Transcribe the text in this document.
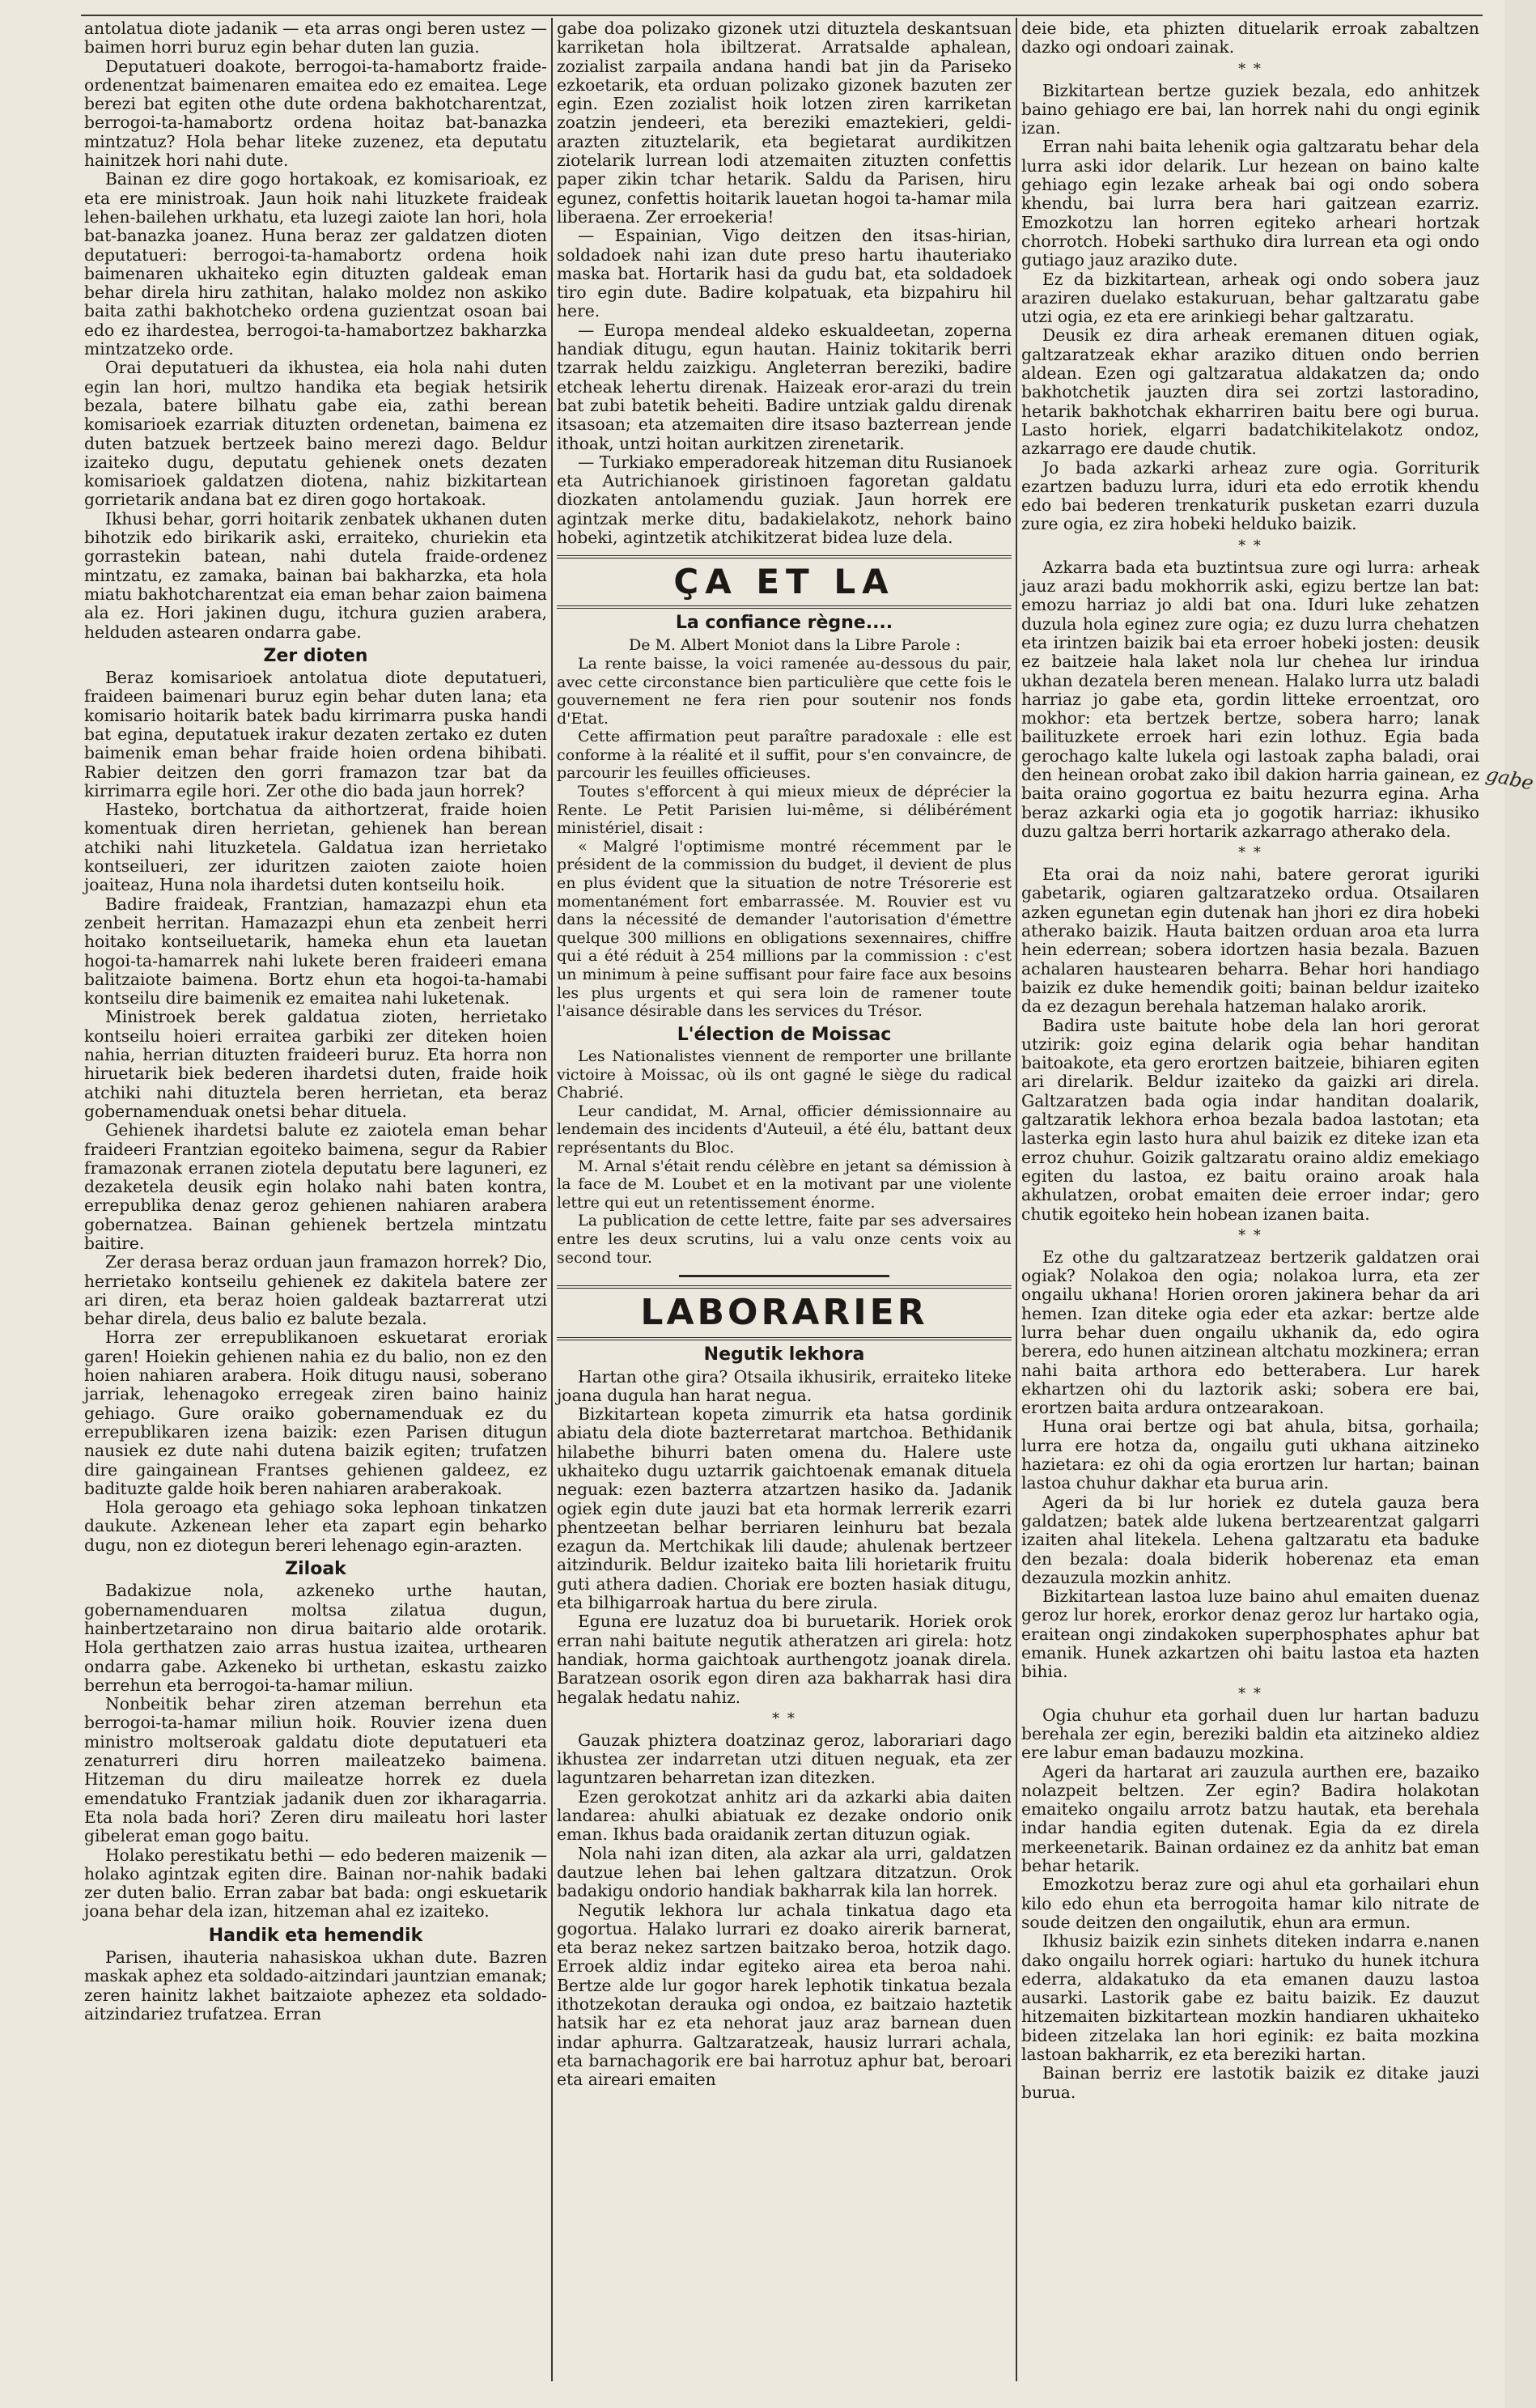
antolatua diote jadanik — eta arras ongi beren ustez — baimen horri buruz egin behar duten lan guzia.

Deputatueri doakote, berrogoi-ta-hamabortz fraide-ordenentzat baimenaren emaitea edo ez emaitea. Lege berezi bat egiten othe dute ordena bakhotcharentzat, berrogoi-ta-hamabortz ordena hoitaz bat-banazka mintzatuz? Hola behar liteke zuzenez, eta deputatu hainitzek hori nahi dute.

Bainan ez dire gogo hortakoak, ez komisarioak, ez eta ere ministroak. Jaun hoik nahi lituzkete fraideak lehen-bailehen urkhatu, eta luzegi zaiote lan hori, hola bat-banazka joanez. Huna beraz zer galdatzen dioten deputatueri: berrogoi-ta-hamabortz ordena hoik baimenaren ukhaiteko egin dituzten galdeak eman behar direla hiru zathitan, halako moldez non askiko baita zathi bakhotcheko ordena guzientzat osoan bai edo ez ihardestea, berrogoi-ta-hamabortzez bakharzka mintzatzeko orde.

Orai deputatueri da ikhustea, eia hola nahi duten egin lan hori, multzo handika eta begiak hetsirik bezala, batere bilhatu gabe eia, zathi berean komisarioek ezarriak dituzten ordenetan, baimena ez duten batzuek bertzeek baino merezi dago. Beldur izaiteko dugu, deputatu gehienek onets dezaten komisarioek galdatzen diotena, nahiz bizkitartean gorrietarik andana bat ez diren gogo hortakoak.

Ikhusi behar, gorri hoitarik zenbatek ukhanen duten bihotzik edo birikarik aski, erraiteko, churiekin eta gorrastekin batean, nahi dutela fraide-ordenez mintzatu, ez zamaka, bainan bai bakharzka, eta hola miatu bakhotcharentzat eia eman behar zaion baimena ala ez. Hori jakinen dugu, itchura guzien arabera, helduden astearen ondarra gabe.

Zer dioten

Beraz komisarioek antolatua diote deputatueri, fraideen baimenari buruz egin behar duten lana; eta komisario hoitarik batek badu kirrimarra puska handi bat egina, deputatuek irakur dezaten zertako ez duten baimenik eman behar fraide hoien ordena bihibati. Rabier deitzen den gorri framazon tzar bat da kirrimarra egile hori. Zer othe dio bada jaun horrek?

Hasteko, bortchatua da aithortzerat, fraide hoien komentuak diren herrietan, gehienek han berean atchiki nahi lituzketela. Galdatua izan herrietako kontseilueri, zer iduritzen zaioten zaiote hoien joaiteaz, Huna nola ihardetsi duten kontseilu hoik.

Badire fraideak, Frantzian, hamazazpi ehun eta zenbeit herritan. Hamazazpi ehun eta zenbeit herri hoitako kontseiluetarik, hameka ehun eta lauetan hogoi-ta-hamarrek nahi lukete beren fraideeri emana balitzaiote baimena. Bortz ehun eta hogoi-ta-hamabi kontseilu dire baimenik ez emaitea nahi luketenak.

Ministroek berek galdatua zioten, herrietako kontseilu hoieri erraitea garbiki zer diteken hoien nahia, herrian dituzten fraideeri buruz. Eta horra non hiruetarik biek bederen ihardetsi duten, fraide hoik atchiki nahi dituztela beren herrietan, eta beraz gobernamenduak onetsi behar dituela.

Gehienek ihardetsi balute ez zaiotela eman behar fraideeri Frantzian egoiteko baimena, segur da Rabier framazonak erranen ziotela deputatu bere laguneri, ez dezaketela deusik egin holako nahi baten kontra, errepublika denaz geroz gehienen nahiaren arabera gobernatzea. Bainan gehienek bertzela mintzatu baitire.

Zer derasa beraz orduan jaun framazon horrek? Dio, herrietako kontseilu gehienek ez dakitela batere zer ari diren, eta beraz hoien galdeak baztarrerat utzi behar direla, deus balio ez balute bezala.

Horra zer errepublikanoen eskuetarat eroriak garen! Hoiekin gehienen nahia ez du balio, non ez den hoien nahiaren arabera. Hoik ditugu nausi, soberano jarriak, lehenagoko erregeak ziren baino hainiz gehiago. Gure oraiko gobernamenduak ez du errepublikaren izena baizik: ezen Parisen ditugun nausiek ez dute nahi dutena baizik egiten; trufatzen dire gaingainean Frantses gehienen galdeez, ez badituzte galde hoik beren nahiaren araberakoak.

Hola geroago eta gehiago soka lephoan tinkatzen daukute. Azkenean leher eta zapart egin beharko dugu, non ez diotegun bereri lehenago egin-arazten.

Ziloak

Badakizue nola, azkeneko urthe hautan, gobernamenduaren moltsa zilatua dugun, hainbertzetaraino non dirua baitario alde orotarik. Hola gerthatzen zaio arras hustua izaitea, urthearen ondarra gabe. Azkeneko bi urthetan, eskastu zaizko berrehun eta berrogoi-ta-hamar miliun.

Nonbeitik behar ziren atzeman berrehun eta berrogoi-ta-hamar miliun hoik. Rouvier izena duen ministro moltseroak galdatu diote deputatueri eta zenaturreri diru horren maileatzeko baimena. Hitzeman du diru maileatze horrek ez duela emendatuko Frantziak jadanik duen zor ikharagarria. Eta nola bada hori? Zeren diru maileatu hori laster gibelerat eman gogo baitu.

Holako perestikatu bethi — edo bederen maizenik — holako agintzak egiten dire. Bainan nor-nahik badaki zer duten balio. Erran zabar bat bada: ongi eskuetarik joana behar dela izan, hitzeman ahal ez izaiteko.

Handik eta hemendik

Parisen, ihauteria nahasiskoa ukhan dute. Bazren maskak aphez eta soldado-aitzindari jauntzian emanak; zeren hainitz lakhet baitzaiote aphezez eta soldado-aitzindariez trufatzea. Erran

gabe doa polizako gizonek utzi dituztela deskantsuan karriketan hola ibiltzerat. Arratsalde aphalean, zozialist zarpaila andana handi bat jin da Pariseko ezkoetarik, eta orduan polizako gizonek bazuten zer egin. Ezen zozialist hoik lotzen ziren karriketan zoatzin jendeeri, eta bereziki emaztekieri, geldi-arazten zituztelarik, eta begietarat aurdikitzen ziotelarik lurrean lodi atzemaiten zituzten confettis paper zikin tchar hetarik. Saldu da Parisen, hiru egunez, confettis hoitarik lauetan hogoi ta-hamar mila liberaena. Zer erroekeria!

— Espainian, Vigo deitzen den itsas-hirian, soldadoek nahi izan dute preso hartu ihauteriako maska bat. Hortarik hasi da gudu bat, eta soldadoek tiro egin dute. Badire kolpatuak, eta bizpahiru hil here.

— Europa mendeal aldeko eskualdeetan, zoperna handiak ditugu, egun hautan. Hainiz tokitarik berri tzarrak heldu zaizkigu. Angleterran bereziki, badire etcheak lehertu direnak. Haizeak eror-arazi du trein bat zubi batetik beheiti. Badire untziak galdu direnak itsasoan; eta atzemaiten dire itsaso bazterrean jende ithoak, untzi hoitan aurkitzen zirenetarik.

— Turkiako emperadoreak hitzeman ditu Rusianoek eta Autrichianoek giristinoen fagoretan galdatu diozkaten antolamendu guziak. Jaun horrek ere agintzak merke ditu, badakielakotz, nehork baino hobeki, agintzetik atchikitzerat bidea luze dela.

ÇA ET LA
La confiance règne....

De M. Albert Moniot dans la Libre Parole :

La rente baisse, la voici ramenée au-dessous du pair, avec cette circonstance bien particulière que cette fois le gouvernement ne fera rien pour soutenir nos fonds d'Etat.

Cette affirmation peut paraître paradoxale : elle est conforme à la réalité et il suffit, pour s'en convaincre, de parcourir les feuilles officieuses.

Toutes s'efforcent à qui mieux mieux de déprécier la Rente. Le Petit Parisien lui-même, si délibérément ministériel, disait :

« Malgré l'optimisme montré récemment par le président de la commission du budget, il devient de plus en plus évident que la situation de notre Trésorerie est momentanément fort embarrassée. M. Rouvier est vu dans la nécessité de demander l'autorisation d'émettre quelque 300 millions en obligations sexennaires, chiffre qui a été réduit à 254 millions par la commission : c'est un minimum à peine suffisant pour faire face aux besoins les plus urgents et qui sera loin de ramener toute l'aisance désirable dans les services du Trésor.

L'élection de Moissac

Les Nationalistes viennent de remporter une brillante victoire à Moissac, où ils ont gagné le siège du radical Chabrié.

Leur candidat, M. Arnal, officier démissionnaire au lendemain des incidents d'Auteuil, a été élu, battant deux représentants du Bloc.

M. Arnal s'était rendu célèbre en jetant sa démission à la face de M. Loubet et en la motivant par une violente lettre qui eut un retentissement énorme.

La publication de cette lettre, faite par ses adversaires entre les deux scrutins, lui a valu onze cents voix au second tour.

LABORARIER
Negutik lekhora

Hartan othe gira? Otsaila ikhusirik, erraiteko liteke joana dugula han harat negua.

Bizkitartean kopeta zimurrik eta hatsa gordinik abiatu dela diote bazterretarat martchoa. Bethidanik hilabethe bihurri baten omena du. Halere uste ukhaiteko dugu uztarrik gaichtoenak emanak dituela neguak: ezen bazterra atzartzen hasiko da. Jadanik ogiek egin dute jauzi bat eta hormak lerrerik ezarri phentzeetan belhar berriaren leinhuru bat bezala ezagun da. Mertchikak lili daude; ahulenak bertzeer aitzindurik. Beldur izaiteko baita lili horietarik fruitu guti athera dadien. Choriak ere bozten hasiak ditugu, eta bilhigarroak hartua du bere zirula.

Eguna ere luzatuz doa bi buruetarik. Horiek orok erran nahi baitute negutik atheratzen ari girela: hotz handiak, horma gaichtoak aurthengotz joanak direla. Baratzean osorik egon diren aza bakharrak hasi dira hegalak hedatu nahiz.

* *

Gauzak phiztera doatzinaz geroz, laborariari dago ikhustea zer indarretan utzi dituen neguak, eta zer laguntzaren beharretan izan ditezken.

Ezen gerokotzat anhitz ari da azkarki abia daiten landarea: ahulki abiatuak ez dezake ondorio onik eman. Ikhus bada oraidanik zertan dituzun ogiak.

Nola nahi izan diten, ala azkar ala urri, galdatzen dautzue lehen bai lehen galtzara ditzatzun. Orok badakigu ondorio handiak bakharrak kila lan horrek.

Negutik lekhora lur achala tinkatua dago eta gogortua. Halako lurrari ez doako airerik barnerat, eta beraz nekez sartzen baitzako beroa, hotzik dago. Erroek aldiz indar egiteko airea eta beroa nahi. Bertze alde lur gogor harek lephotik tinkatua bezala ithotzekotan derauka ogi ondoa, ez baitzaio haztetik hatsik har ez eta nehorat jauz araz barnean duen indar aphurra. Galtzaratzeak, hausiz lurrari achala, eta barnachagorik ere bai harrotuz aphur bat, beroari eta aireari emaiten

deie bide, eta phizten dituelarik erroak zabaltzen dazko ogi ondoari zainak.

* *

Bizkitartean bertze guziek bezala, edo anhitzek baino gehiago ere bai, lan horrek nahi du ongi eginik izan.

Erran nahi baita lehenik ogia galtzaratu behar dela lurra aski idor delarik. Lur hezean on baino kalte gehiago egin lezake arheak bai ogi ondo sobera khendu, bai lurra bera hari gaitzean ezarriz. Emozkotzu lan horren egiteko arheari hortzak chorrotch. Hobeki sarthuko dira lurrean eta ogi ondo gutiago jauz araziko dute.

Ez da bizkitartean, arheak ogi ondo sobera jauz araziren duelako estakuruan, behar galtzaratu gabe utzi ogia, ez eta ere arinkiegi behar galtzaratu.

Deusik ez dira arheak eremanen dituen ogiak, galtzaratzeak ekhar araziko dituen ondo berrien aldean. Ezen ogi galtzaratua aldakatzen da; ondo bakhotchetik jauzten dira sei zortzi lastoradino, hetarik bakhotchak ekharriren baitu bere ogi burua. Lasto horiek, elgarri badatchikitelakotz ondoz, azkarrago ere daude chutik.

Jo bada azkarki arheaz zure ogia. Gorriturik ezartzen baduzu lurra, iduri eta edo errotik khendu edo bai bederen trenkaturik pusketan ezarri duzula zure ogia, ez zira hobeki helduko baizik.

* *

Azkarra bada eta buztintsua zure ogi lurra: arheak jauz arazi badu mokhorrik aski, egizu bertze lan bat: emozu harriaz jo aldi bat ona. Iduri luke zehatzen duzula hola eginez zure ogia; ez duzu lurra chehatzen eta irintzen baizik bai eta erroer hobeki josten: deusik ez baitzeie hala laket nola lur chehea lur irindua ukhan dezatela beren menean. Halako lurra utz baladi harriaz jo gabe eta, gordin litteke erroentzat, oro mokhor: eta bertzek bertze, sobera harro; lanak bailituzkete erroek hari ezin lothuz. Egia bada gerochago kalte lukela ogi lastoak zapha baladi, orai den heinean orobat zako ibil dakion harria gainean, ez baita oraino gogortua ez baitu hezurra egina. Arha beraz azkarki ogia eta jo gogotik harriaz: ikhusiko duzu galtza berri hortarik azkarrago atherako dela.

* *

Eta orai da noiz nahi, batere gerorat iguriki gabetarik, ogiaren galtzaratzeko ordua. Otsailaren azken egunetan egin dutenak han jhori ez dira hobeki atherako baizik. Hauta baitzen orduan aroa eta lurra hein ederrean; sobera idortzen hasia bezala. Bazuen achalaren haustearen beharra. Behar hori handiago baizik ez duke hemendik goiti; bainan beldur izaiteko da ez dezagun berehala hatzeman halako arorik.

Badira uste baitute hobe dela lan hori gerorat utzirik: goiz egina delarik ogia behar handitan baitoakote, eta gero erortzen baitzeie, bihiaren egiten ari direlarik. Beldur izaiteko da gaizki ari direla. Galtzaratzen bada ogia indar handitan doalarik, galtzaratik lekhora erhoa bezala badoa lastotan; eta lasterka egin lasto hura ahul baizik ez diteke izan eta erroz chuhur. Goizik galtzaratu oraino aldiz emekiago egiten du lastoa, ez baitu oraino aroak hala akhulatzen, orobat emaiten deie erroer indar; gero chutik egoiteko hein hobean izanen baita.

* *

Ez othe du galtzaratzeaz bertzerik galdatzen orai ogiak? Nolakoa den ogia; nolakoa lurra, eta zer ongailu ukhana! Horien ororen jakinera behar da ari hemen. Izan diteke ogia eder eta azkar: bertze alde lurra behar duen ongailu ukhanik da, edo ogira berera, edo hunen aitzinean altchatu mozkinera; erran nahi baita arthora edo betterabera. Lur harek ekhartzen ohi du laztorik aski; sobera ere bai, erortzen baita ardura ontzearakoan.

Huna orai bertze ogi bat ahula, bitsa, gorhaila; lurra ere hotza da, ongailu guti ukhana aitzineko hazietara: ez ohi da ogia erortzen lur hartan; bainan lastoa chuhur dakhar eta burua arin.

Ageri da bi lur horiek ez dutela gauza bera galdatzen; batek alde lukena bertzearentzat galgarri izaiten ahal litekela. Lehena galtzaratu eta baduke den bezala: doala biderik hoberenaz eta eman dezauzula mozkin anhitz.

Bizkitartean lastoa luze baino ahul emaiten duenaz geroz lur horek, erorkor denaz geroz lur hartako ogia, eraitean ongi zindakoken superphosphates aphur bat emanik. Hunek azkartzen ohi baitu lastoa eta hazten bihia.

* *

Ogia chuhur eta gorhail duen lur hartan baduzu berehala zer egin, bereziki baldin eta aitzineko aldiez ere labur eman badauzu mozkina.

Ageri da hartarat ari zauzula aurthen ere, bazaiko nolazpeit beltzen. Zer egin? Badira holakotan emaiteko ongailu arrotz batzu hautak, eta berehala indar handia egiten dutenak. Egia da ez direla merkeenetarik. Bainan ordainez ez da anhitz bat eman behar hetarik.

Emozkotzu beraz zure ogi ahul eta gorhailari ehun kilo edo ehun eta berrogoita hamar kilo nitrate de soude deitzen den ongailutik, ehun ara ermun.

Ikhusiz baizik ezin sinhets diteken indarra e.nanen dako ongailu horrek ogiari: hartuko du hunek itchura ederra, aldakatuko da eta emanen dauzu lastoa ausarki. Lastorik gabe ez baitu baizik. Ez dauzut hitzemaiten bizkitartean mozkin handiaren ukhaiteko bideen zitzelaka lan hori eginik: ez baita mozkina lastoan bakharrik, ez eta bereziki hartan.

Bainan berriz ere lastotik baizik ez ditake jauzi burua.

gabe
